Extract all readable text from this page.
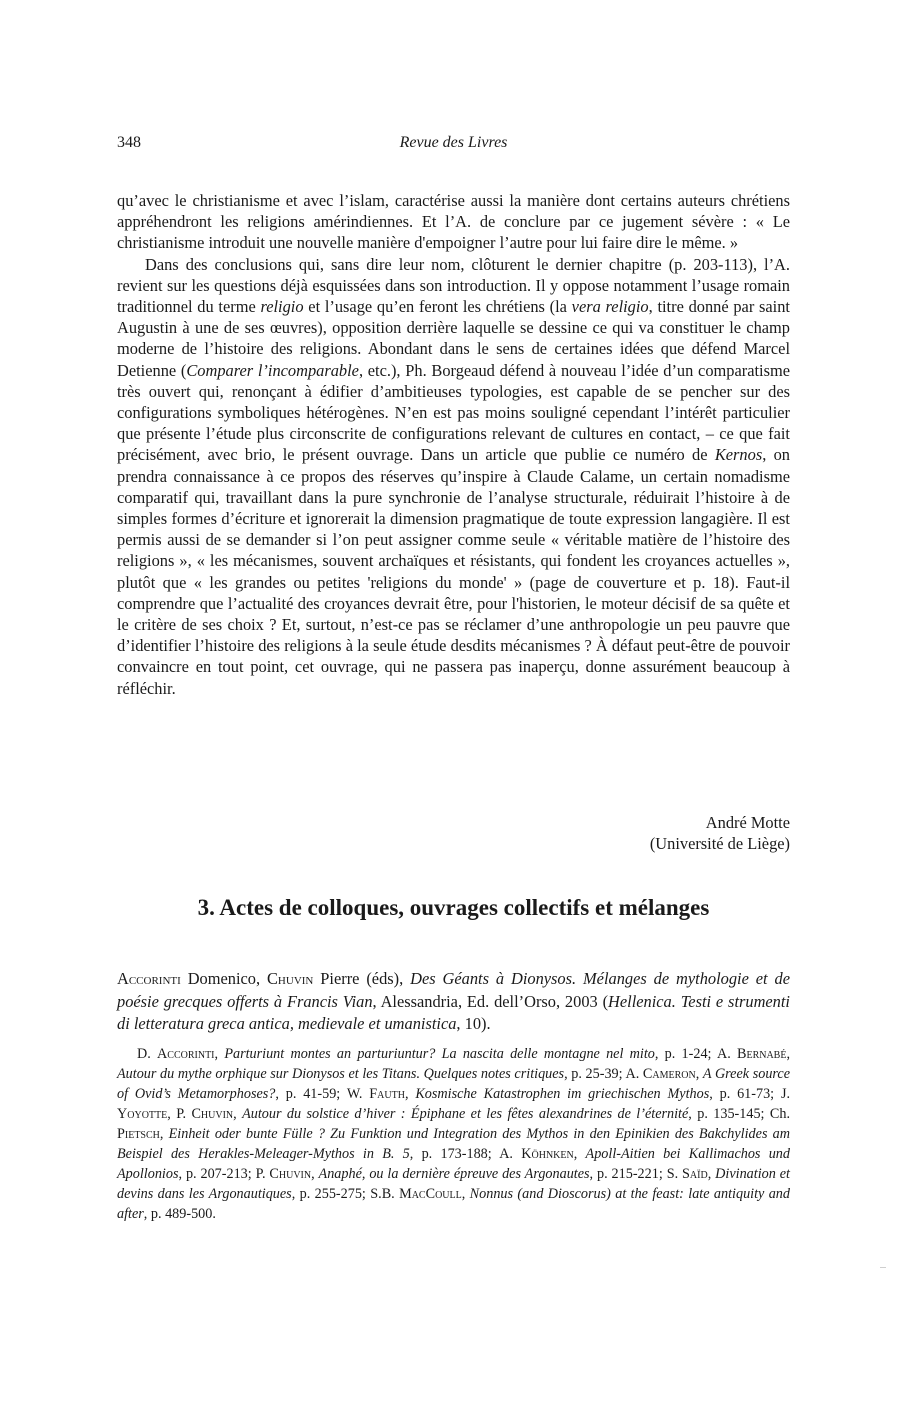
348	Revue des Livres

qu’avec le christianisme et avec l’islam, caractérise aussi la manière dont certains auteurs chrétiens appréhendront les religions amérindiennes. Et l’A. de conclure par ce jugement sévère : « Le christianisme introduit une nouvelle manière d'empoigner l’autre pour lui faire dire le même. »

Dans des conclusions qui, sans dire leur nom, clôturent le dernier chapitre (p. 203-113), l’A. revient sur les questions déjà esquissées dans son introduction. Il y oppose notamment l’usage romain traditionnel du terme religio et l’usage qu’en feront les chrétiens (la vera religio, titre donné par saint Augustin à une de ses œuvres), opposition derrière laquelle se dessine ce qui va constituer le champ moderne de l’histoire des religions. Abondant dans le sens de certaines idées que défend Marcel Detienne (Comparer l’incomparable, etc.), Ph. Borgeaud défend à nouveau l’idée d’un comparatisme très ouvert qui, renonçant à édifier d’ambitieuses typologies, est capable de se pencher sur des configurations symboliques hétérogènes. N’en est pas moins souligné cependant l’intérêt particulier que présente l’étude plus circonscrite de configurations relevant de cultures en contact, – ce que fait précisément, avec brio, le présent ouvrage. Dans un article que publie ce numéro de Kernos, on prendra connaissance à ce propos des réserves qu’inspire à Claude Calame, un certain nomadisme comparatif qui, travaillant dans la pure synchronie de l’analyse structurale, réduirait l’histoire à de simples formes d’écriture et ignorerait la dimension pragmatique de toute expression langagière. Il est permis aussi de se demander si l’on peut assigner comme seule « véritable matière de l’histoire des religions », « les mécanismes, souvent archaïques et résistants, qui fondent les croyances actuelles », plutôt que « les grandes ou petites 'religions du monde' » (page de couverture et p. 18). Faut-il comprendre que l’actualité des croyances devrait être, pour l'historien, le moteur décisif de sa quête et le critère de ses choix ? Et, surtout, n’est-ce pas se réclamer d’une anthropologie un peu pauvre que d’identifier l’histoire des religions à la seule étude desdits mécanismes ? À défaut peut-être de pouvoir convaincre en tout point, cet ouvrage, qui ne passera pas inaperçu, donne assurément beaucoup à réfléchir.

André Motte
(Université de Liège)
3. Actes de colloques, ouvrages collectifs et mélanges
Accorinti Domenico, Chuvin Pierre (éds), Des Géants à Dionysos. Mélanges de mythologie et de poésie grecques offerts à Francis Vian, Alessandria, Ed. dell’Orso, 2003 (Hellenica. Testi e strumenti di letteratura greca antica, medievale et umanistica, 10).
D. Accorinti, Parturiunt montes an parturiuntur? La nascita delle montagne nel mito, p. 1-24; A. Bernabé, Autour du mythe orphique sur Dionysos et les Titans. Quelques notes critiques, p. 25-39; A. Cameron, A Greek source of Ovid’s Metamorphoses?, p. 41-59; W. Fauth, Kosmische Katastrophen im griechischen Mythos, p. 61-73; J. Yoyotte, P. Chuvin, Autour du solstice d’hiver : Épiphane et les fêtes alexandrines de l’éternité, p. 135-145; Ch. Pietsch, Einheit oder bunte Fülle ? Zu Funktion und Integration des Mythos in den Epinikien des Bakchylides am Beispiel des Herakles-Meleager-Mythos in B. 5, p. 173-188; A. Köhnken, Apoll-Aitien bei Kallimachos und Apollonios, p. 207-213; P. Chuvin, Anaphé, ou la dernière épreuve des Argonautes, p. 215-221; S. Saïd, Divination et devins dans les Argonautiques, p. 255-275; S.B. MacCoull, Nonnus (and Dioscorus) at the feast: late antiquity and after, p. 489-500.
